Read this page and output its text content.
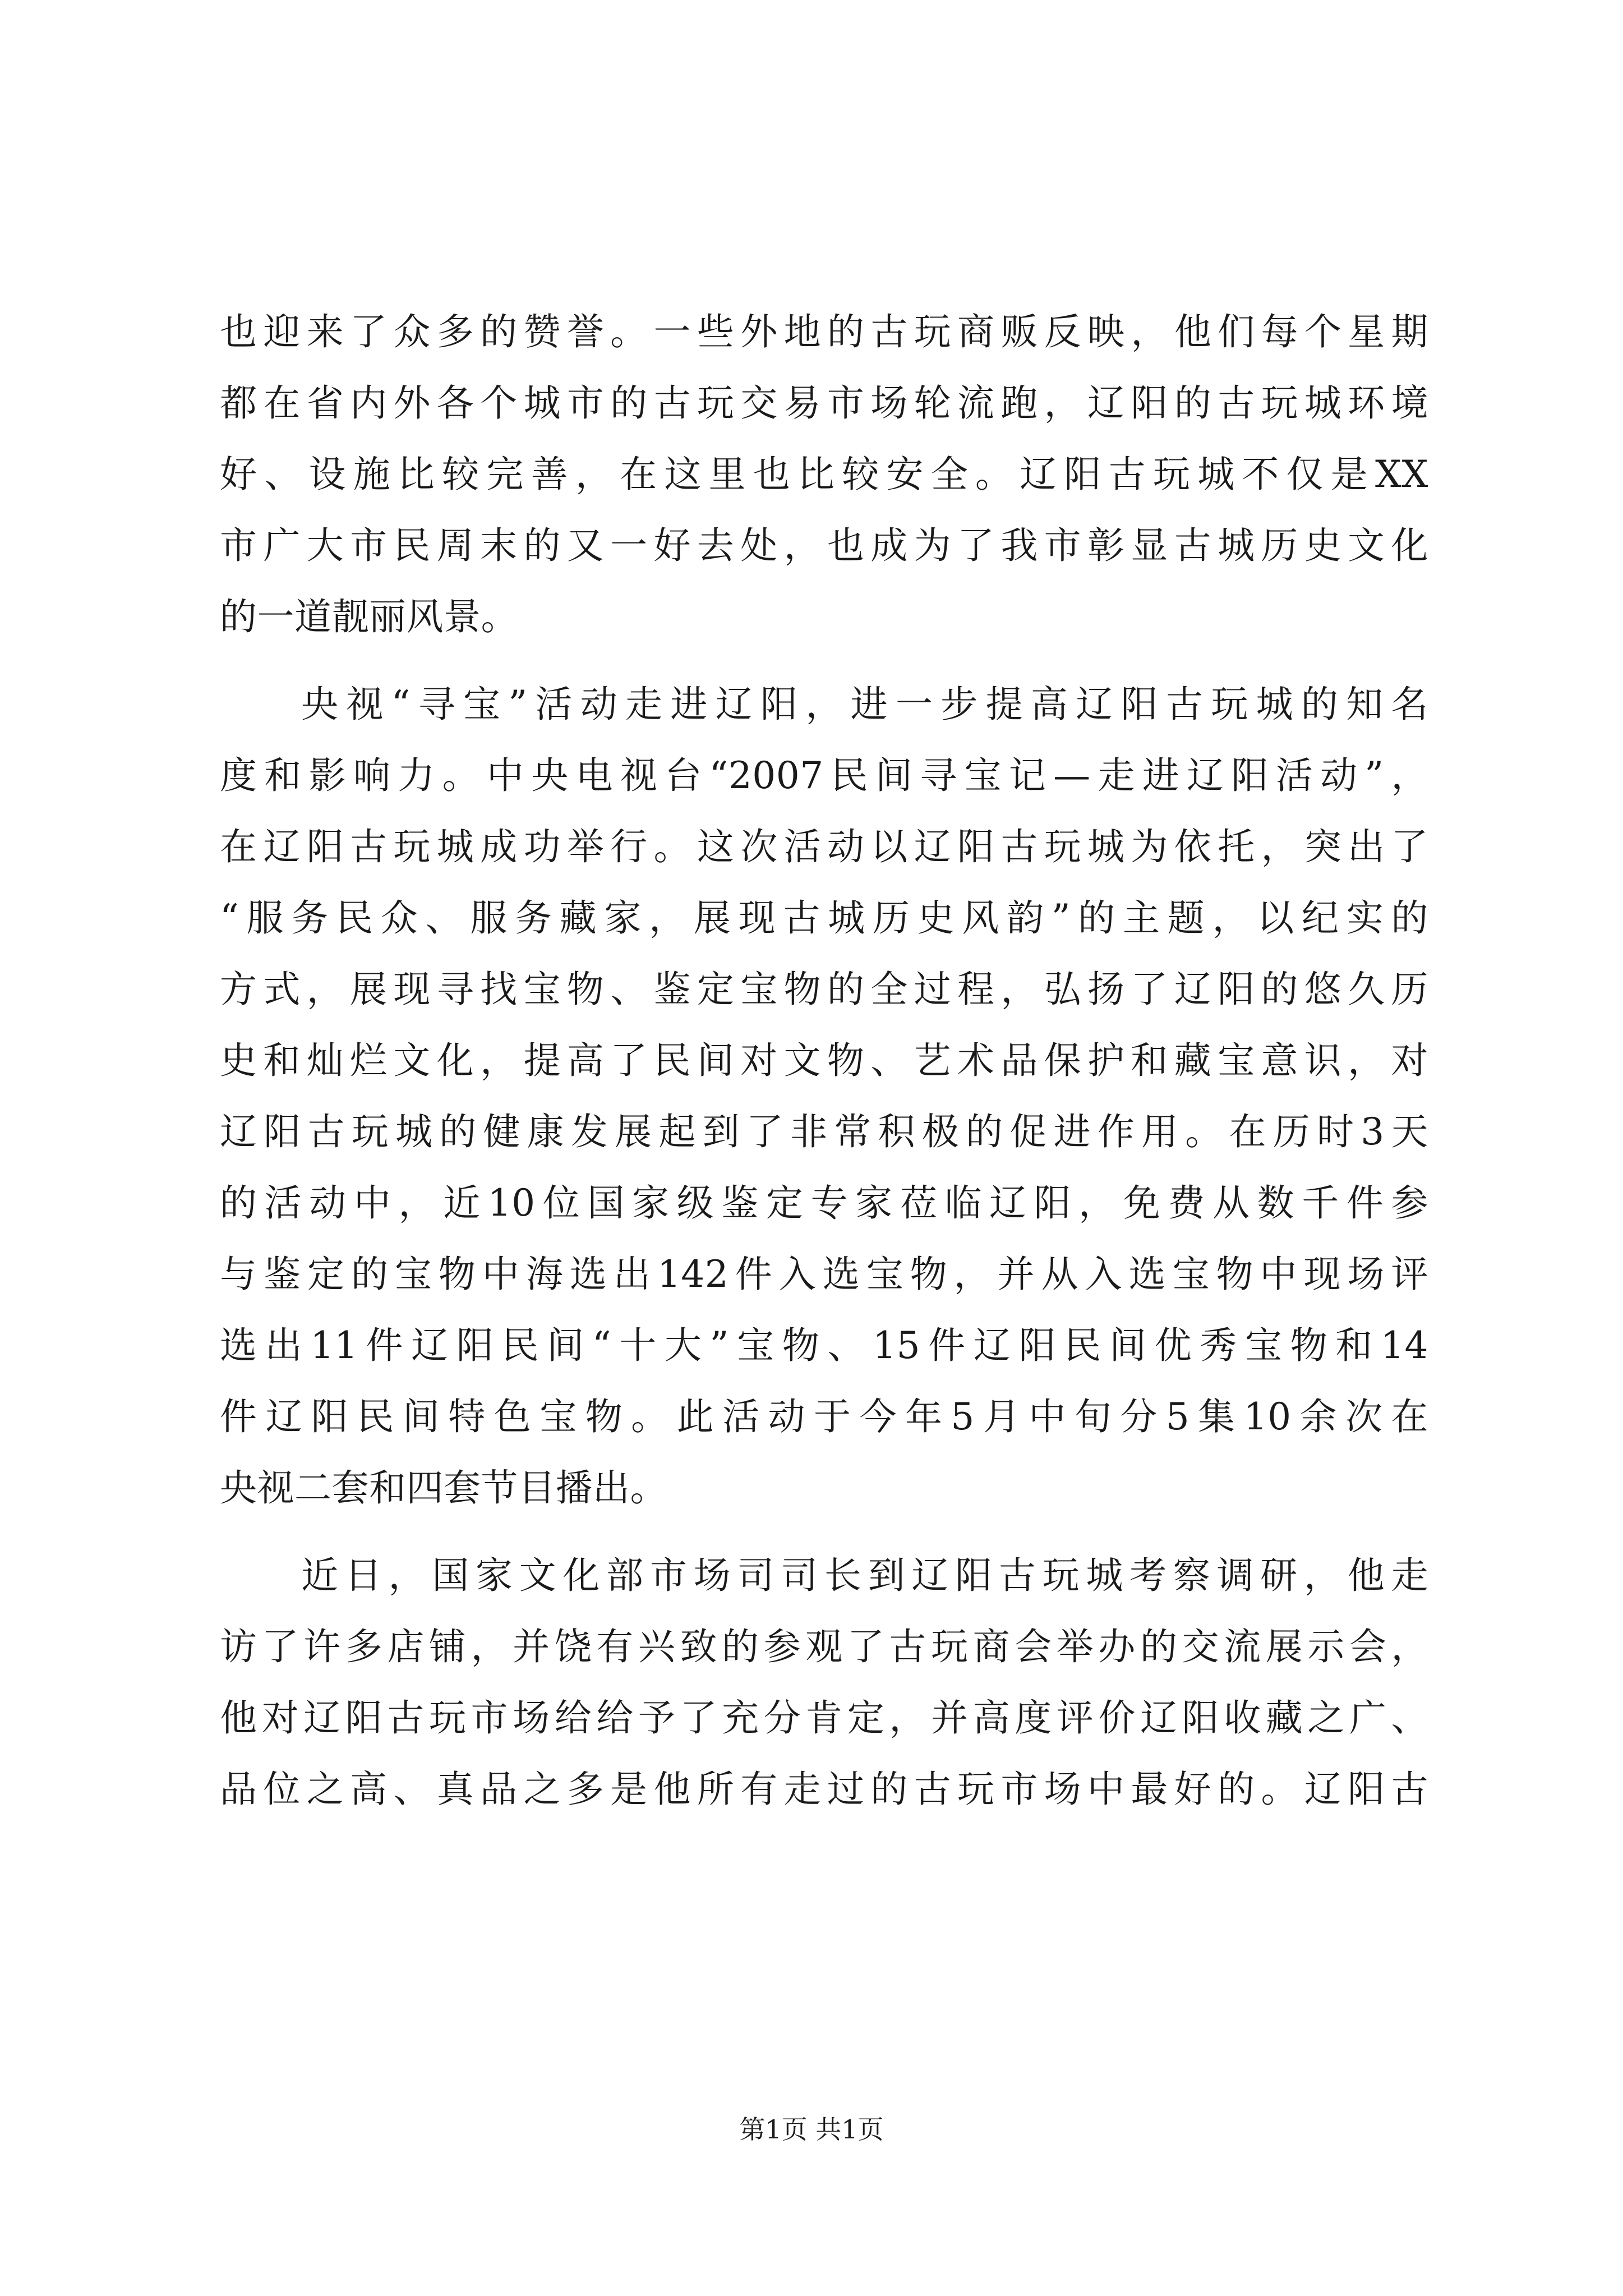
也迎来了众多的赞誉。一些外地的古玩商贩反映，他们每个星期
都在省内外各个城市的古玩交易市场轮流跑，辽阳的古玩城环境
好、设施比较完善，在这里也比较安全。辽阳古玩城不仅是XX
市广大市民周末的又一好去处，也成为了我市彰显古城历史文化
的一道靓丽风景。
央视“寻宝”活动走进辽阳，进一步提高辽阳古玩城的知名
度和影响力。中央电视台“2007民间寻宝记—走进辽阳活动”，
在辽阳古玩城成功举行。这次活动以辽阳古玩城为依托，突出了
“服务民众、服务藏家，展现古城历史风韵”的主题，以纪实的
方式，展现寻找宝物、鉴定宝物的全过程，弘扬了辽阳的悠久历
史和灿烂文化，提高了民间对文物、艺术品保护和藏宝意识，对
辽阳古玩城的健康发展起到了非常积极的促进作用。在历时3天
的活动中，近10位国家级鉴定专家莅临辽阳，免费从数千件参
与鉴定的宝物中海选出142件入选宝物，并从入选宝物中现场评
选出11件辽阳民间“十大”宝物、15件辽阳民间优秀宝物和14
件辽阳民间特色宝物。此活动于今年5月中旬分5集10余次在
央视二套和四套节目播出。
近日，国家文化部市场司司长到辽阳古玩城考察调研，他走
访了许多店铺，并饶有兴致的参观了古玩商会举办的交流展示会，
他对辽阳古玩市场给给予了充分肯定，并高度评价辽阳收藏之广、
品位之高、真品之多是他所有走过的古玩市场中最好的。辽阳古
第1页 共1页
